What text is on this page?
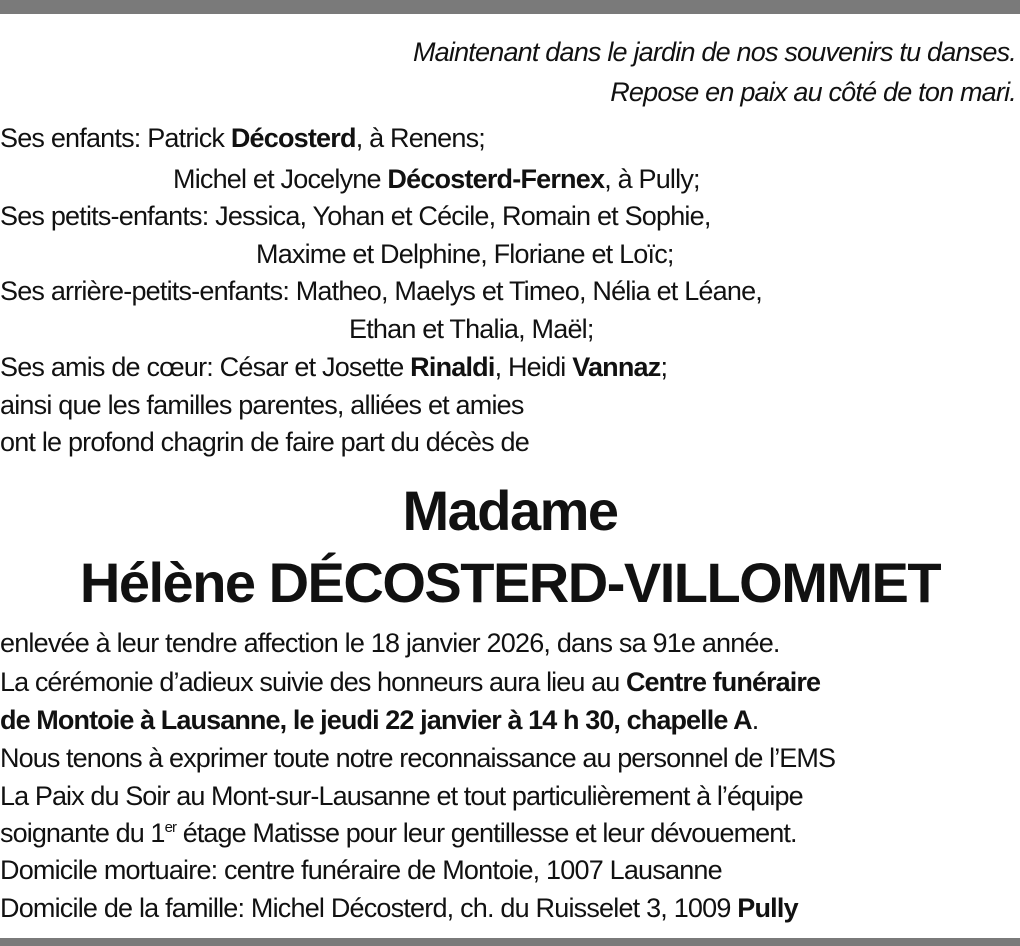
Maintenant dans le jardin de nos souvenirs tu danses.
Repose en paix au côté de ton mari.
Ses enfants: Patrick Décosterd, à Renens;
Michel et Jocelyne Décosterd-Fernex, à Pully;
Ses petits-enfants: Jessica, Yohan et Cécile, Romain et Sophie,
Maxime et Delphine, Floriane et Loïc;
Ses arrière-petits-enfants: Matheo, Maelys et Timeo, Nélia et Léane,
Ethan et Thalia, Maël;
Ses amis de cœur: César et Josette Rinaldi, Heidi Vannaz;
ainsi que les familles parentes, alliées et amies
ont le profond chagrin de faire part du décès de
Madame
Hélène DÉCOSTERD-VILLOMMET
enlevée à leur tendre affection le 18 janvier 2026, dans sa 91e année.
La cérémonie d’adieux suivie des honneurs aura lieu au Centre funéraire
de Montoie à Lausanne, le jeudi 22 janvier à 14 h 30, chapelle A.
Nous tenons à exprimer toute notre reconnaissance au personnel de l’EMS
La Paix du Soir au Mont-sur-Lausanne et tout particulièrement à l’équipe
soignante du 1er étage Matisse pour leur gentillesse et leur dévouement.
Domicile mortuaire: centre funéraire de Montoie, 1007 Lausanne
Domicile de la famille: Michel Décosterd, ch. du Ruisselet 3, 1009 Pully
